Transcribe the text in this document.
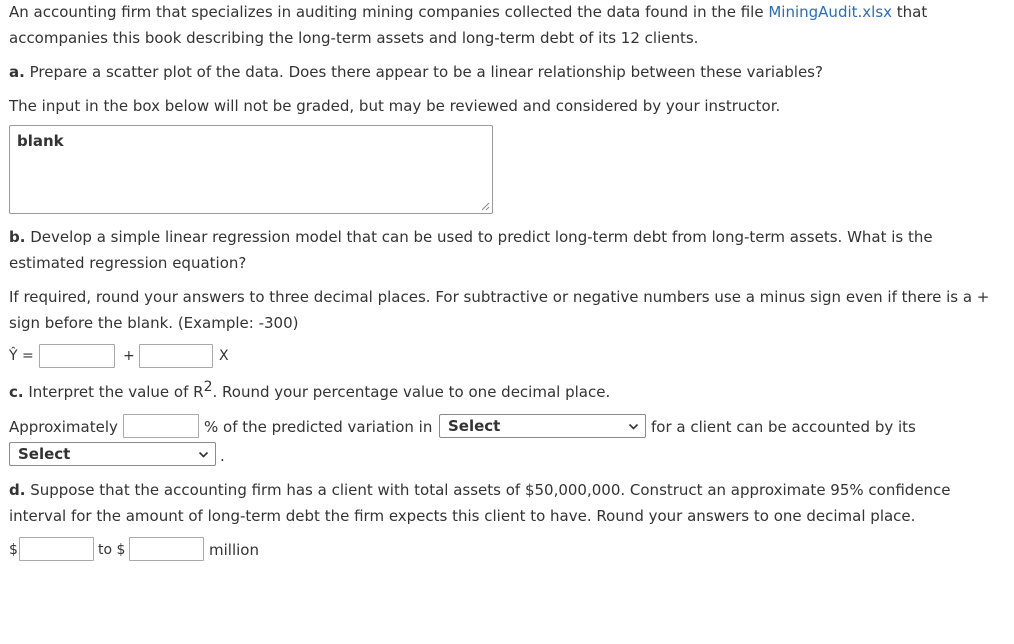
An accounting firm that specializes in auditing mining companies collected the data found in the file MiningAudit.xlsx that
accompanies this book describing the long-term assets and long-term debt of its 12 clients.
a. Prepare a scatter plot of the data. Does there appear to be a linear relationship between these variables?
The input in the box below will not be graded, but may be reviewed and considered by your instructor.
blank
b. Develop a simple linear regression model that can be used to predict long-term debt from long-term assets. What is the
estimated regression equation?
If required, round your answers to three decimal places. For subtractive or negative numbers use a minus sign even if there is a +
sign before the blank. (Example: -300)
Ŷ =	+	X
c. Interpret the value of $R^2$. Round your percentage value to one decimal place.
Approximately	% of the predicted variation in	Select	for a client can be accounted by its
Select	.
d. Suppose that the accounting firm has a client with total assets of $50,000,000. Construct an approximate 95% confidence
interval for the amount of long-term debt the firm expects this client to have. Round your answers to one decimal place.
$	to $	million
